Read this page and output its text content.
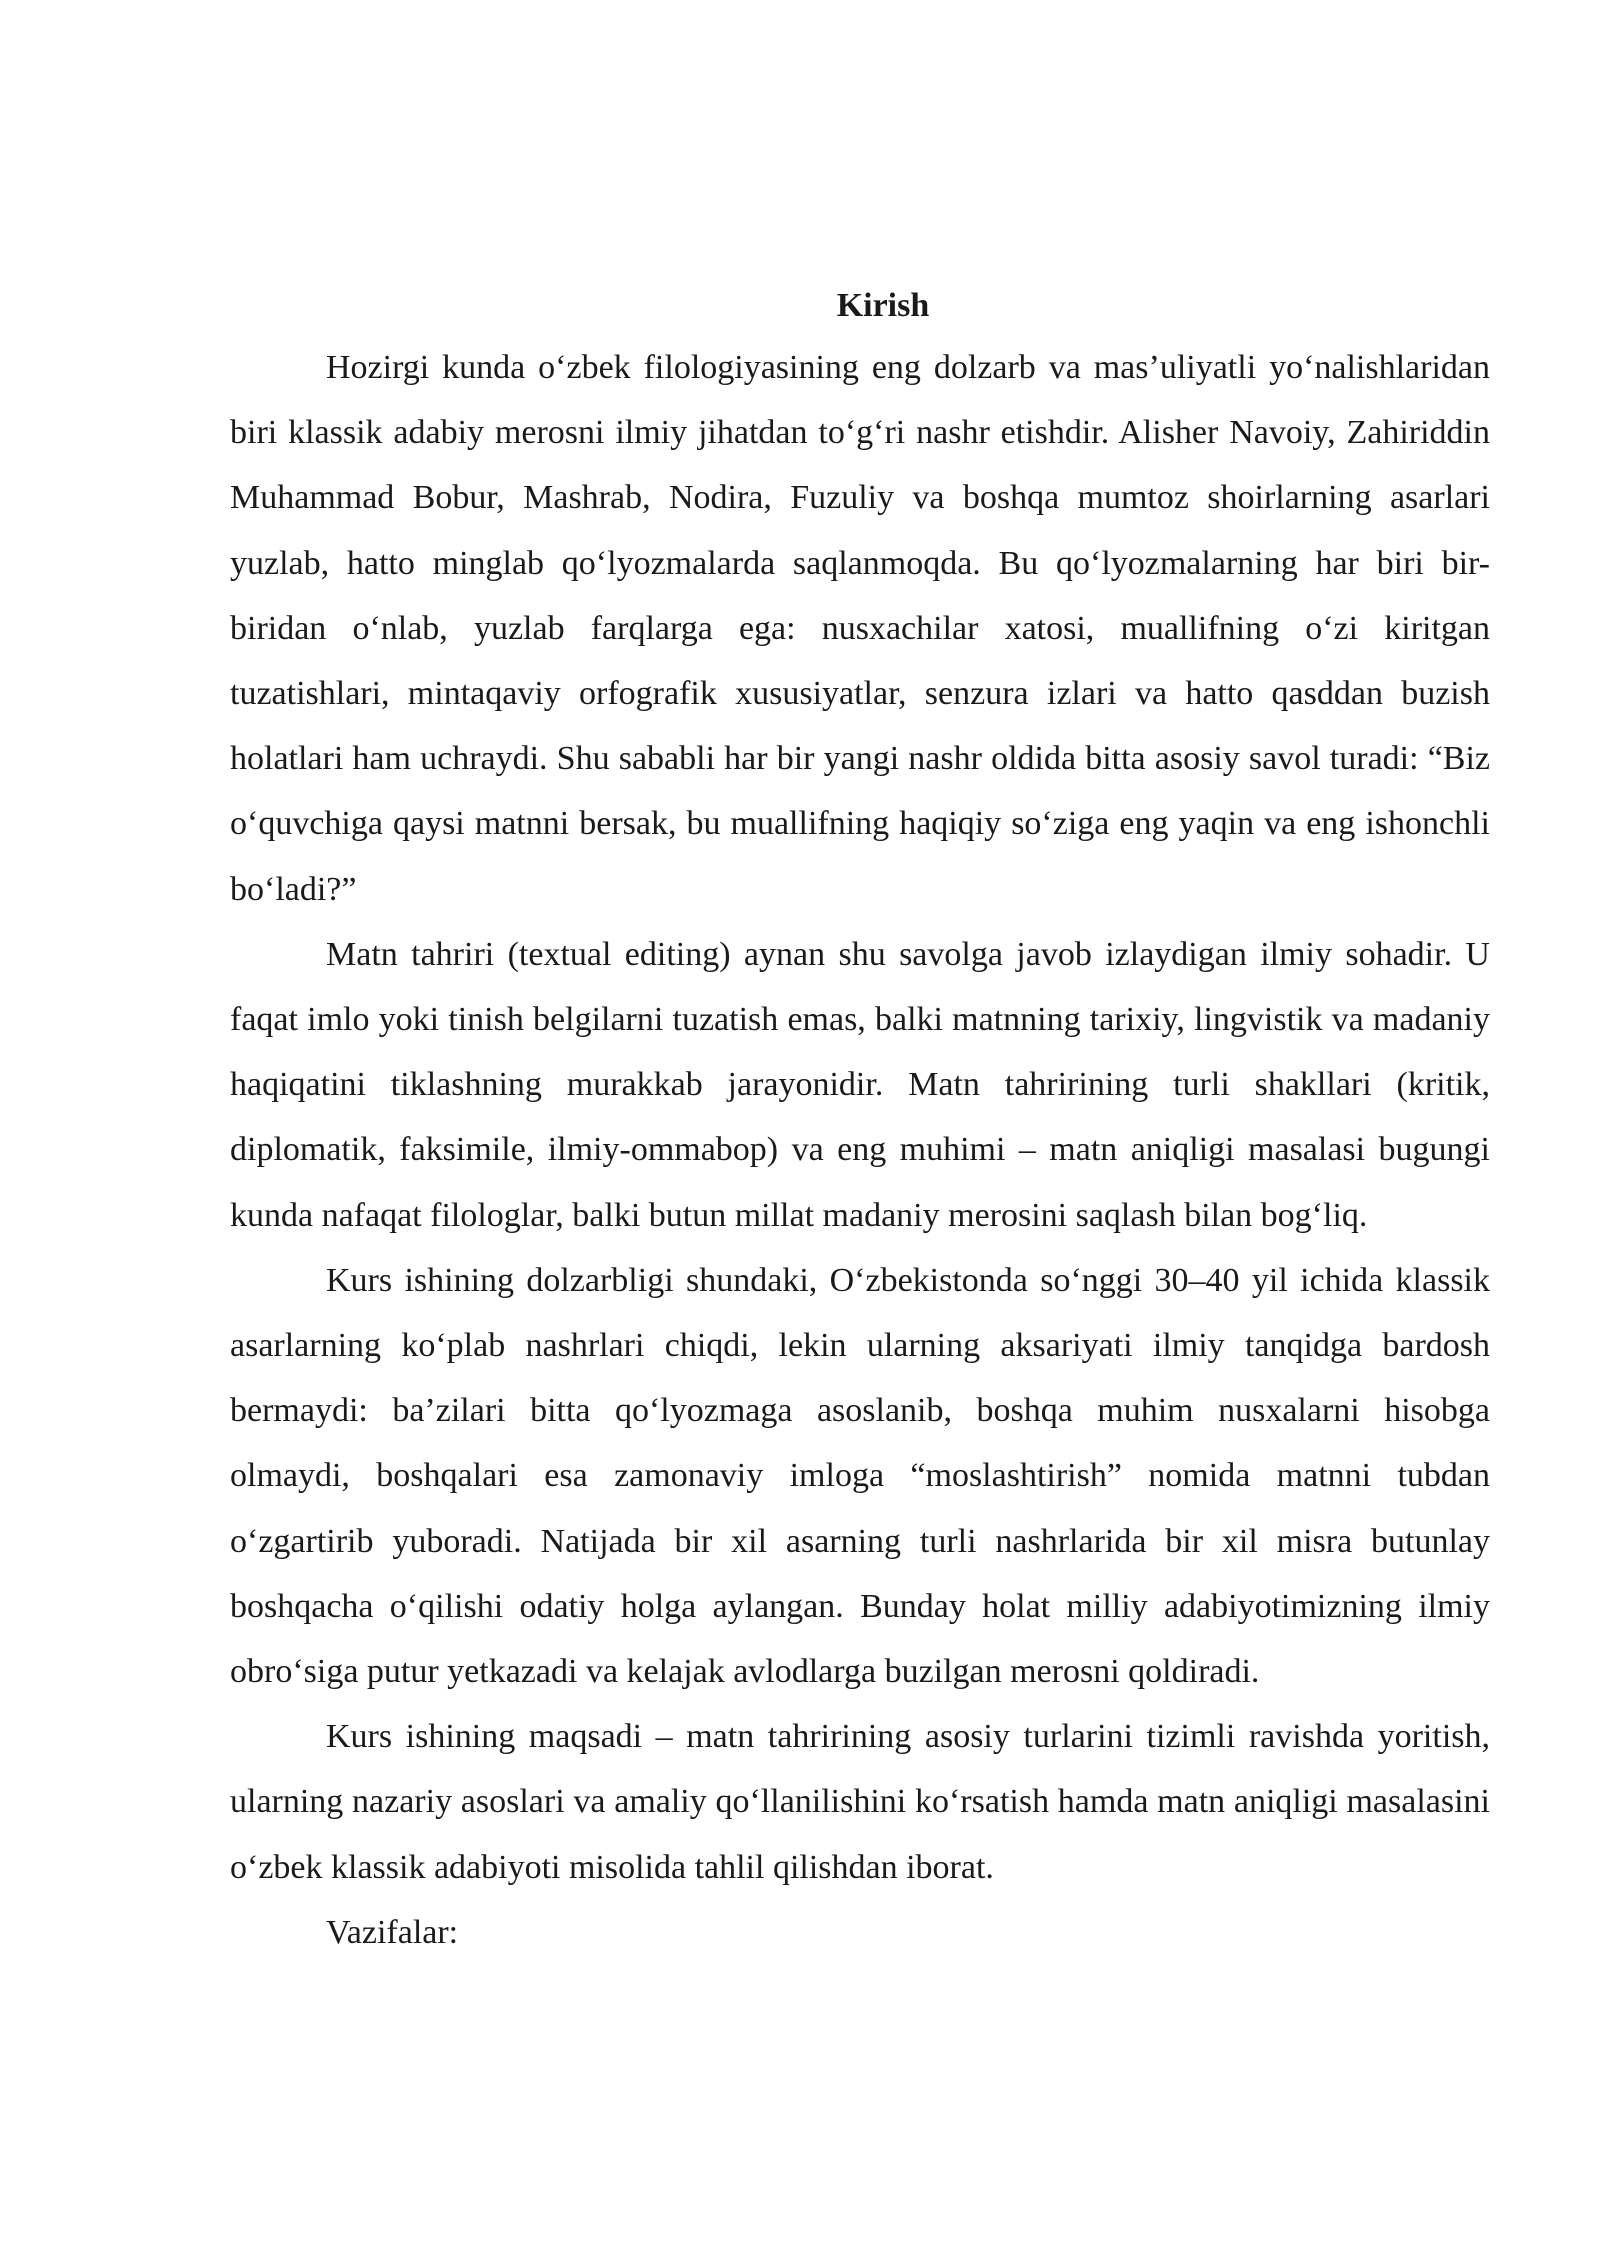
Kirish

Hozirgi kunda o‘zbek filologiyasining eng dolzarb va mas’uliyatli yo‘nalishlaridan biri klassik adabiy merosni ilmiy jihatdan to‘g‘ri nashr etishdir. Alisher Navoiy, Zahiriddin Muhammad Bobur, Mashrab, Nodira, Fuzuliy va boshqa mumtoz shoirlarning asarlari yuzlab, hatto minglab qo‘lyozmalarda saqlanmoqda. Bu qo‘lyozmalarning har biri bir-biridan o‘nlab, yuzlab farqlarga ega: nusxachilar xatosi, muallifning o‘zi kiritgan tuzatishlari, mintaqaviy orfografik xususiyatlar, senzura izlari va hatto qasddan buzish holatlari ham uchraydi. Shu sababli har bir yangi nashr oldida bitta asosiy savol turadi: “Biz o‘quvchiga qaysi matnni bersak, bu muallifning haqiqiy so‘ziga eng yaqin va eng ishonchli bo‘ladi?”

Matn tahriri (textual editing) aynan shu savolga javob izlaydigan ilmiy sohadir. U faqat imlo yoki tinish belgilarni tuzatish emas, balki matnning tarixiy, lingvistik va madaniy haqiqatini tiklashning murakkab jarayonidir. Matn tahririning turli shakllari (kritik, diplomatik, faksimile, ilmiy-ommabop) va eng muhimi – matn aniqligi masalasi bugungi kunda nafaqat filologlar, balki butun millat madaniy merosini saqlash bilan bog‘liq.

Kurs ishining dolzarbligi shundaki, O‘zbekistonda so‘nggi 30–40 yil ichida klassik asarlarning ko‘plab nashrlari chiqdi, lekin ularning aksariyati ilmiy tanqidga bardosh bermaydi: ba’zilari bitta qo‘lyozmaga asoslanib, boshqa muhim nusxalarni hisobga olmaydi, boshqalari esa zamonaviy imloga “moslashtirish” nomida matnni tubdan o‘zgartirib yuboradi. Natijada bir xil asarning turli nashrlarida bir xil misra butunlay boshqacha o‘qilishi odatiy holga aylangan. Bunday holat milliy adabiyotimizning ilmiy obro‘siga putur yetkazadi va kelajak avlodlarga buzilgan merosni qoldiradi.

Kurs ishining maqsadi – matn tahririning asosiy turlarini tizimli ravishda yoritish, ularning nazariy asoslari va amaliy qo‘llanilishini ko‘rsatish hamda matn aniqligi masalasini o‘zbek klassik adabiyoti misolida tahlil qilishdan iborat.

Vazifalar:
